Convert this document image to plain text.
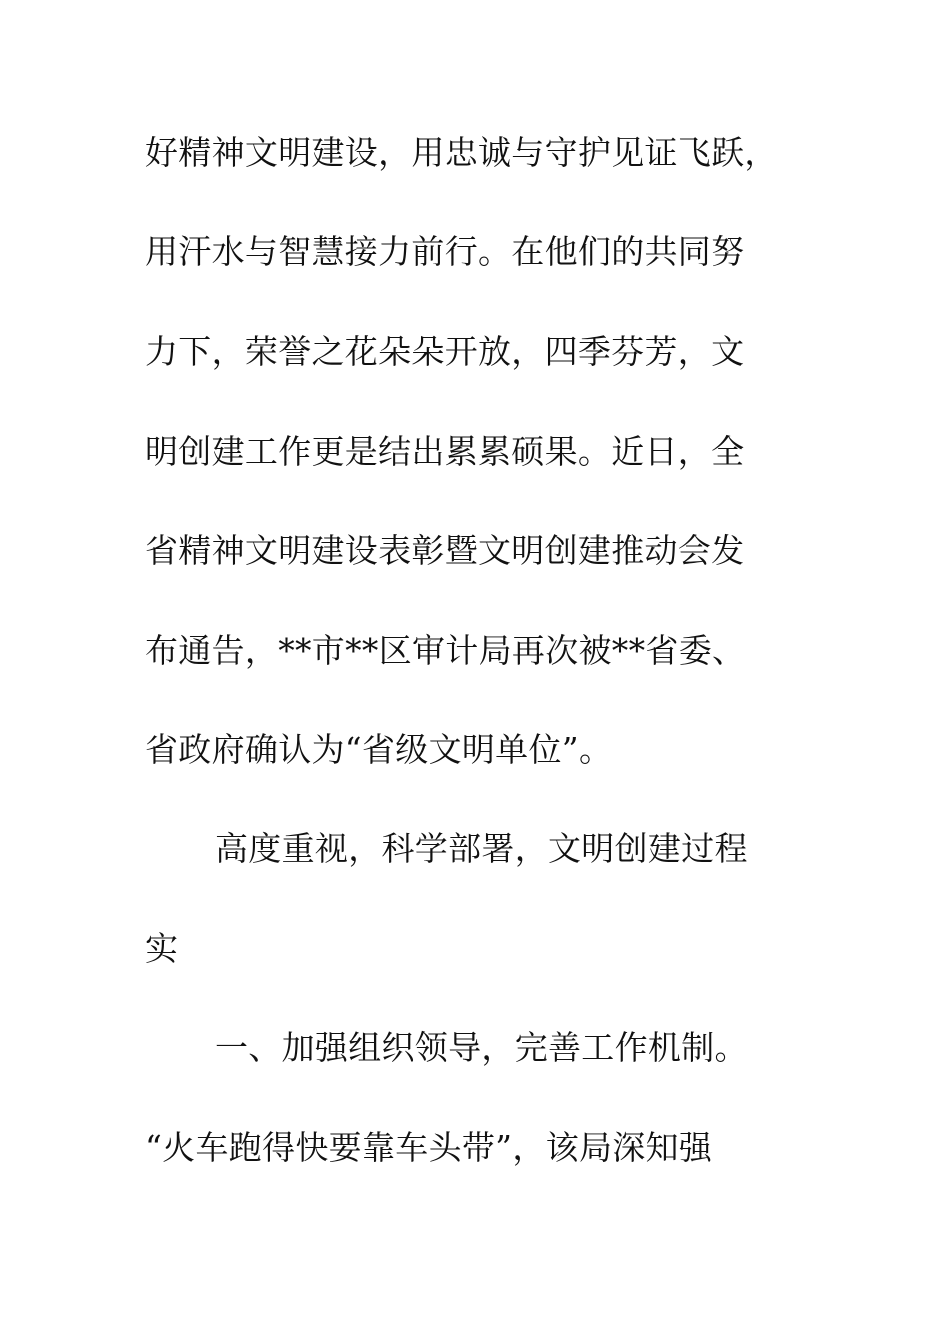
好精神文明建设，用忠诚与守护见证飞跃，
用汗水与智慧接力前行。在他们的共同努
力下，荣誉之花朵朵开放，四季芬芳，文
明创建工作更是结出累累硕果。近日，全
省精神文明建设表彰暨文明创建推动会发
布通告，**市**区审计局再次被**省委、
省政府确认为“省级文明单位”。
高度重视，科学部署，文明创建过程
实
一、加强组织领导，完善工作机制。
“火车跑得快要靠车头带”，该局深知强
